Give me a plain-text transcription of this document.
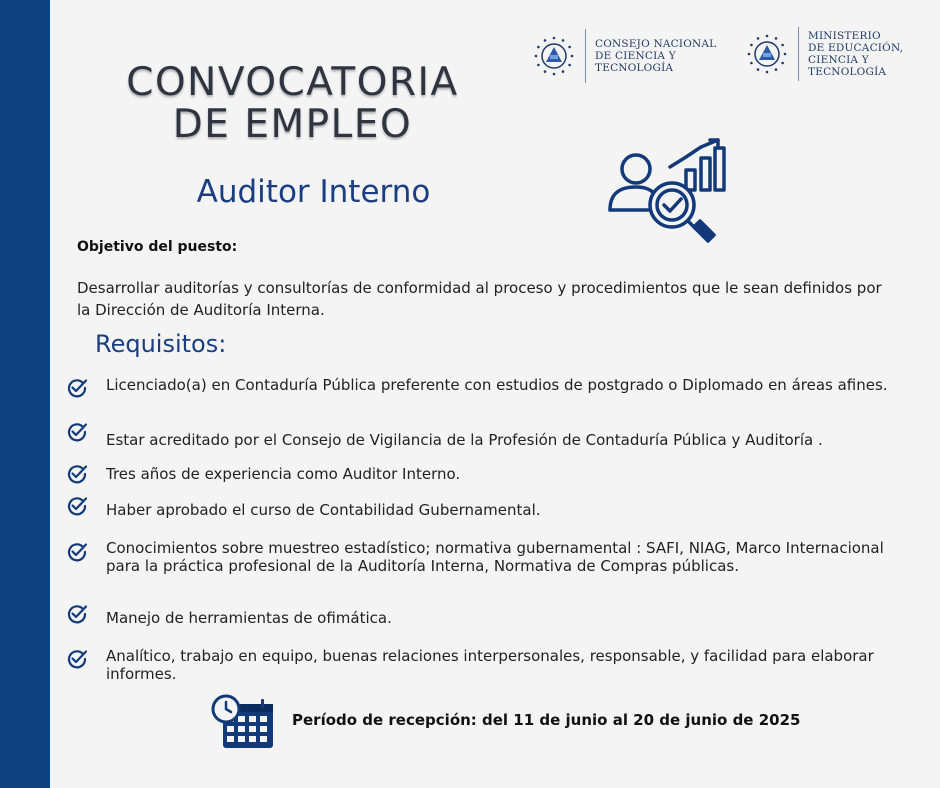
CONSEJO NACIONAL
DE CIENCIA Y
TECNOLOGÍA
MINISTERIO
DE EDUCACIÓN,
CIENCIA Y
TECNOLOGÍA
CONVOCATORIA
DE EMPLEO
Auditor Interno
Objetivo del puesto:
Desarrollar auditorías y consultorías de conformidad al proceso y procedimientos que le sean definidos por la Dirección de Auditoría Interna.
Requisitos:
Licenciado(a) en Contaduría Pública preferente con estudios de postgrado o Diplomado en áreas afines.
Estar acreditado por el Consejo de Vigilancia de la Profesión de Contaduría Pública y Auditoría .
Tres años de experiencia como Auditor Interno.
Haber aprobado el curso de Contabilidad Gubernamental.
Conocimientos sobre muestreo estadístico; normativa gubernamental : SAFI, NIAG, Marco Internacional para la práctica profesional de la Auditoría Interna, Normativa de Compras públicas.
Manejo de herramientas de ofimática.
Analítico, trabajo en equipo, buenas relaciones interpersonales, responsable, y facilidad para elaborar informes.
Período de recepción: del 11 de junio al 20 de junio de 2025
